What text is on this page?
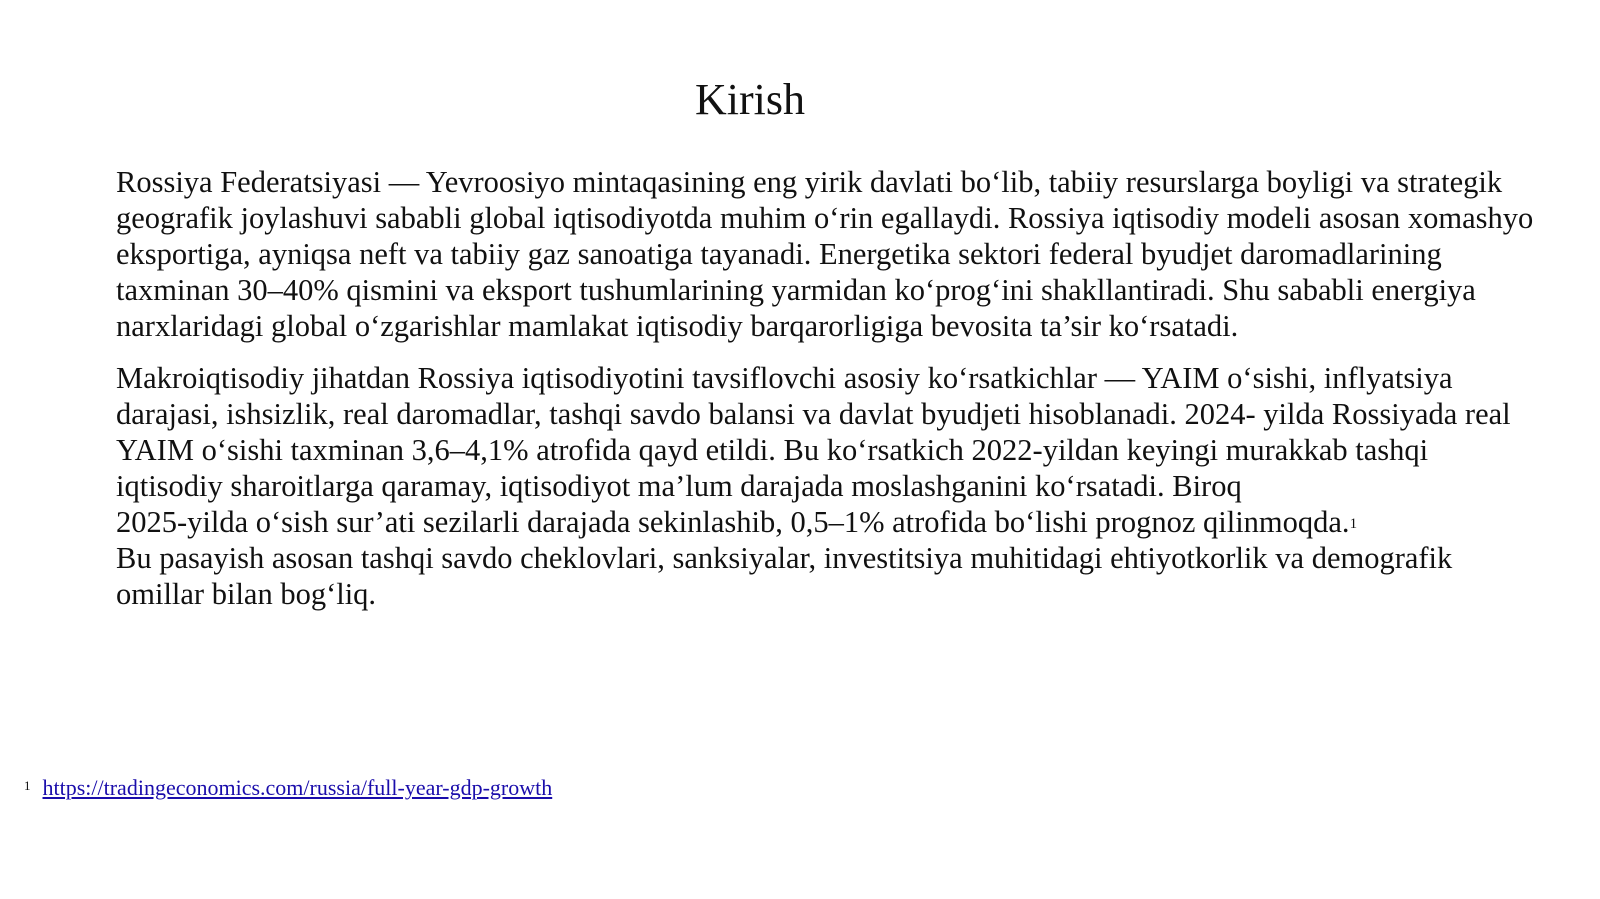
Kirish

Rossiya Federatsiyasi — Yevroosiyo mintaqasining eng yirik davlati bo‘lib, tabiiy resurslarga boyligi va strategik geografik joylashuvi sababli global iqtisodiyotda muhim o‘rin egallaydi. Rossiya iqtisodiy modeli asosan xomashyo eksportiga, ayniqsa neft va tabiiy gaz sanoatiga tayanadi. Energetika sektori federal byudjet daromadlarining taxminan 30–40% qismini va eksport tushumlarining yarmidan ko‘prog‘ini shakllantiradi. Shu sababli energiya narxlaridagi global o‘zgarishlar mamlakat iqtisodiy barqarorligiga bevosita ta’sir ko‘rsatadi.

Makroiqtisodiy jihatdan Rossiya iqtisodiyotini tavsiflovchi asosiy ko‘rsatkichlar — YAIM o‘sishi, inflyatsiya darajasi, ishsizlik, real daromadlar, tashqi savdo balansi va davlat byudjeti hisoblanadi. 2024- yilda Rossiyada real YAIM o‘sishi taxminan 3,6–4,1% atrofida qayd etildi. Bu ko‘rsatkich 2022-yildan keyingi murakkab tashqi iqtisodiy sharoitlarga qaramay, iqtisodiyot ma’lum darajada moslashganini ko‘rsatadi. Biroq
2025-yilda o‘sish sur’ati sezilarli darajada sekinlashib, 0,5–1% atrofida bo‘lishi prognoz qilinmoqda.$^1$
Bu pasayish asosan tashqi savdo cheklovlari, sanksiyalar, investitsiya muhitidagi ehtiyotkorlik va demografik omillar bilan bog‘liq.

$^1$ https://tradingeconomics.com/russia/full-year-gdp-growth
